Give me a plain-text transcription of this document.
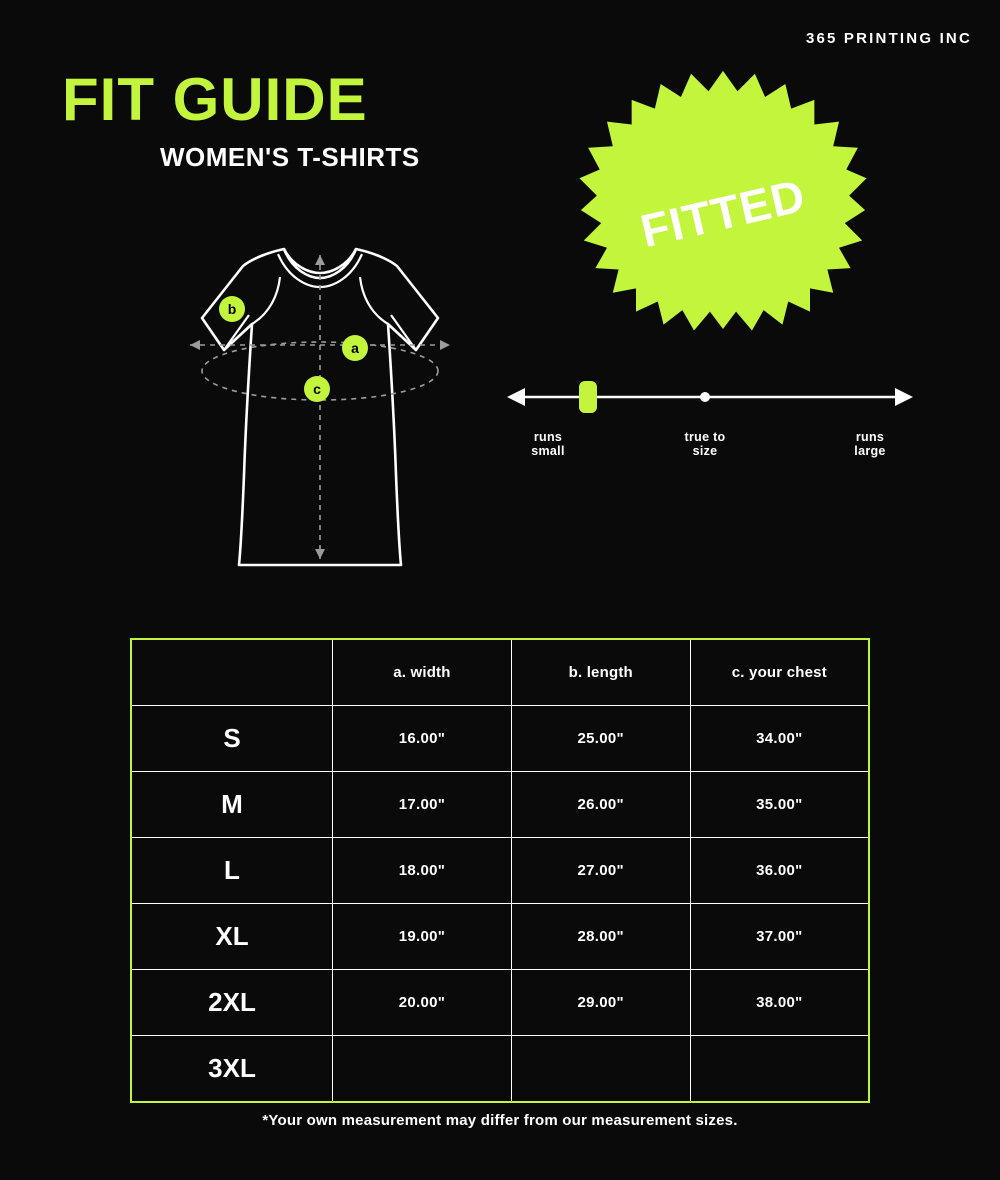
365 PRINTING INC
FIT GUIDE
WOMEN'S T-SHIRTS
a
b
c
FITTED
runs
small
true to
size
runs
large
	a. width	b. length	c. your chest
S	16.00"	25.00"	34.00"
M	17.00"	26.00"	35.00"
L	18.00"	27.00"	36.00"
XL	19.00"	28.00"	37.00"
2XL	20.00"	29.00"	38.00"
3XL			
*Your own measurement may differ from our measurement sizes.
